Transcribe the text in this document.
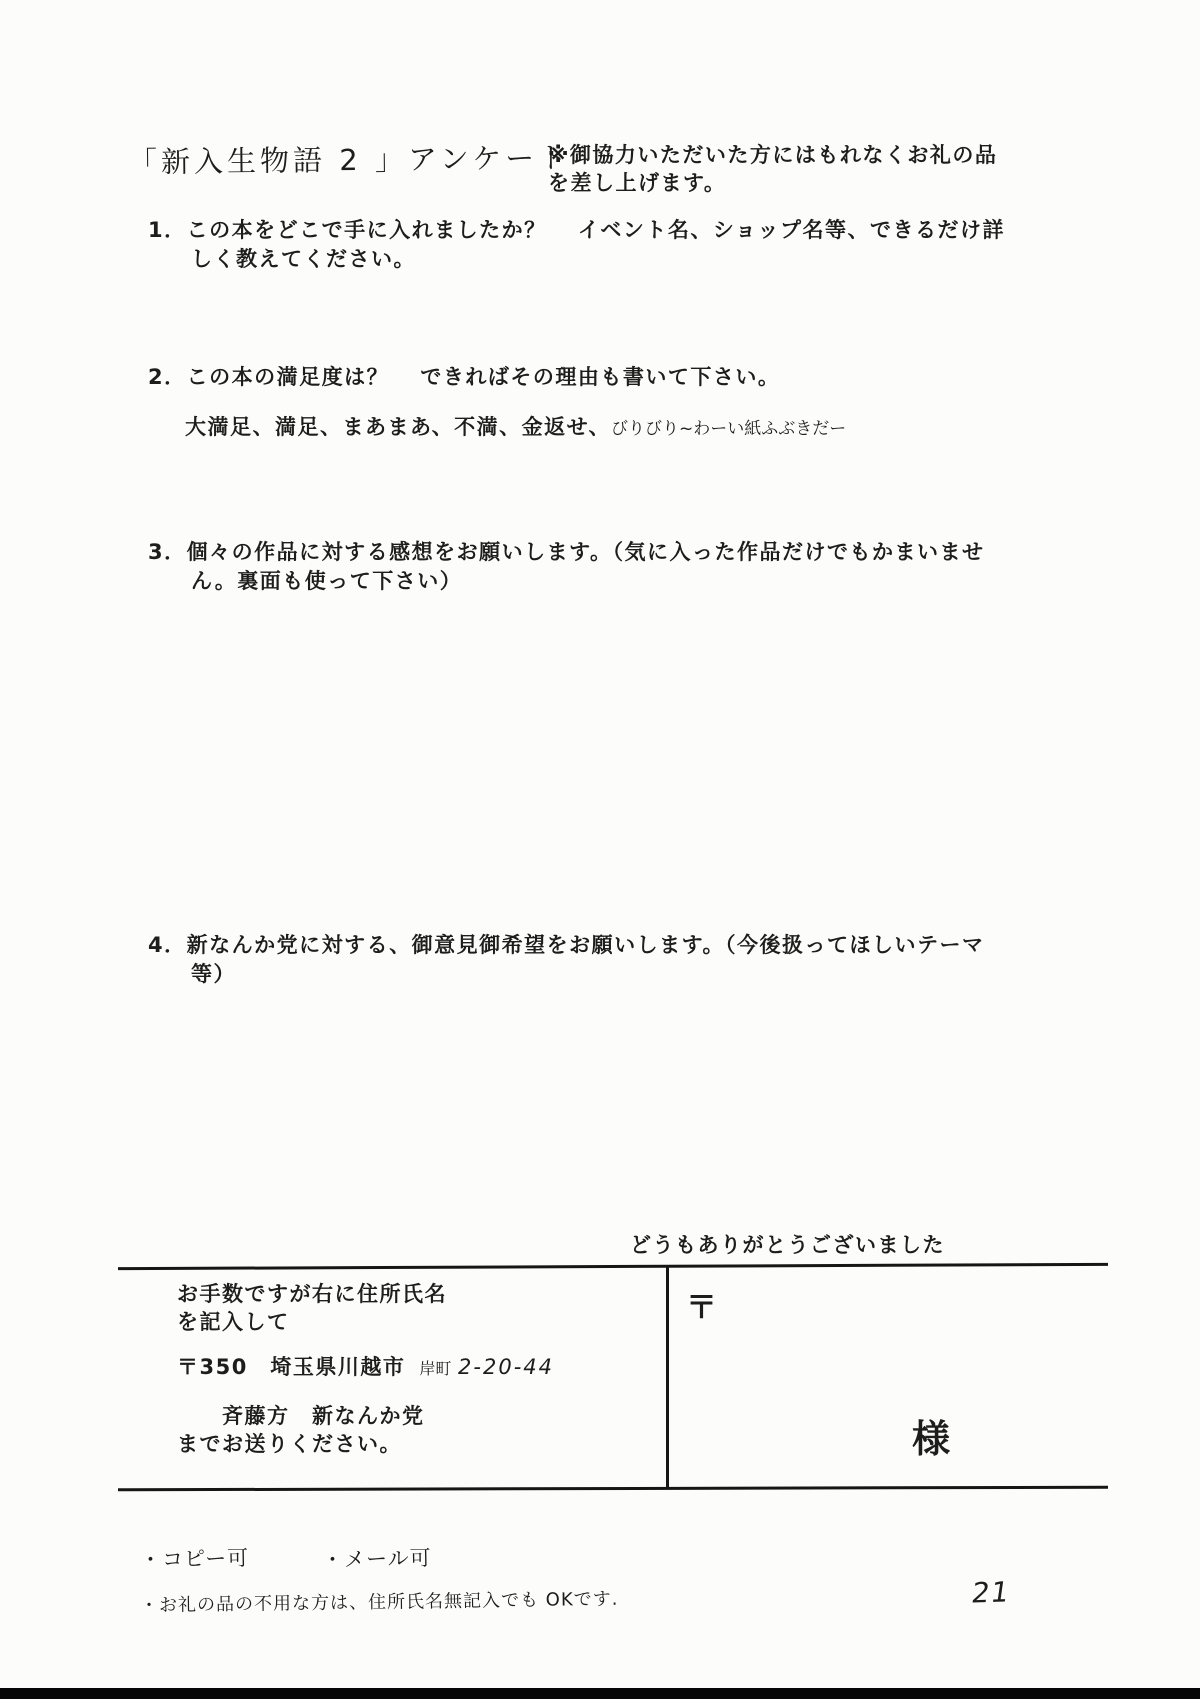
「新入生物語 2 」アンケート
※御協力いただいた方にはもれなくお礼の品
を差し上げます。
1．この本をどこで手に入れましたか？　 イベント名、ショップ名等、できるだけ詳
しく教えてください。
2．この本の満足度は？　 できればその理由も書いて下さい。
大満足、満足、まあまあ、不満、金返せ、びりびり~わーい紙ふぶきだー
3．個々の作品に対する感想をお願いします。（気に入った作品だけでもかまいませ
ん。裏面も使って下さい）
4．新なんか党に対する、御意見御希望をお願いします。（今後扱ってほしいテーマ
等）
どうもありがとうございました
お手数ですが右に住所氏名
を記入して
〒350　埼玉県川越市 岸町 2-20-44
斉藤方　新なんか党
までお送りください。
〒
様
・コピー可	・メール可
・お礼の品の不用な方は、住所氏名無記入でも OKです.	21
